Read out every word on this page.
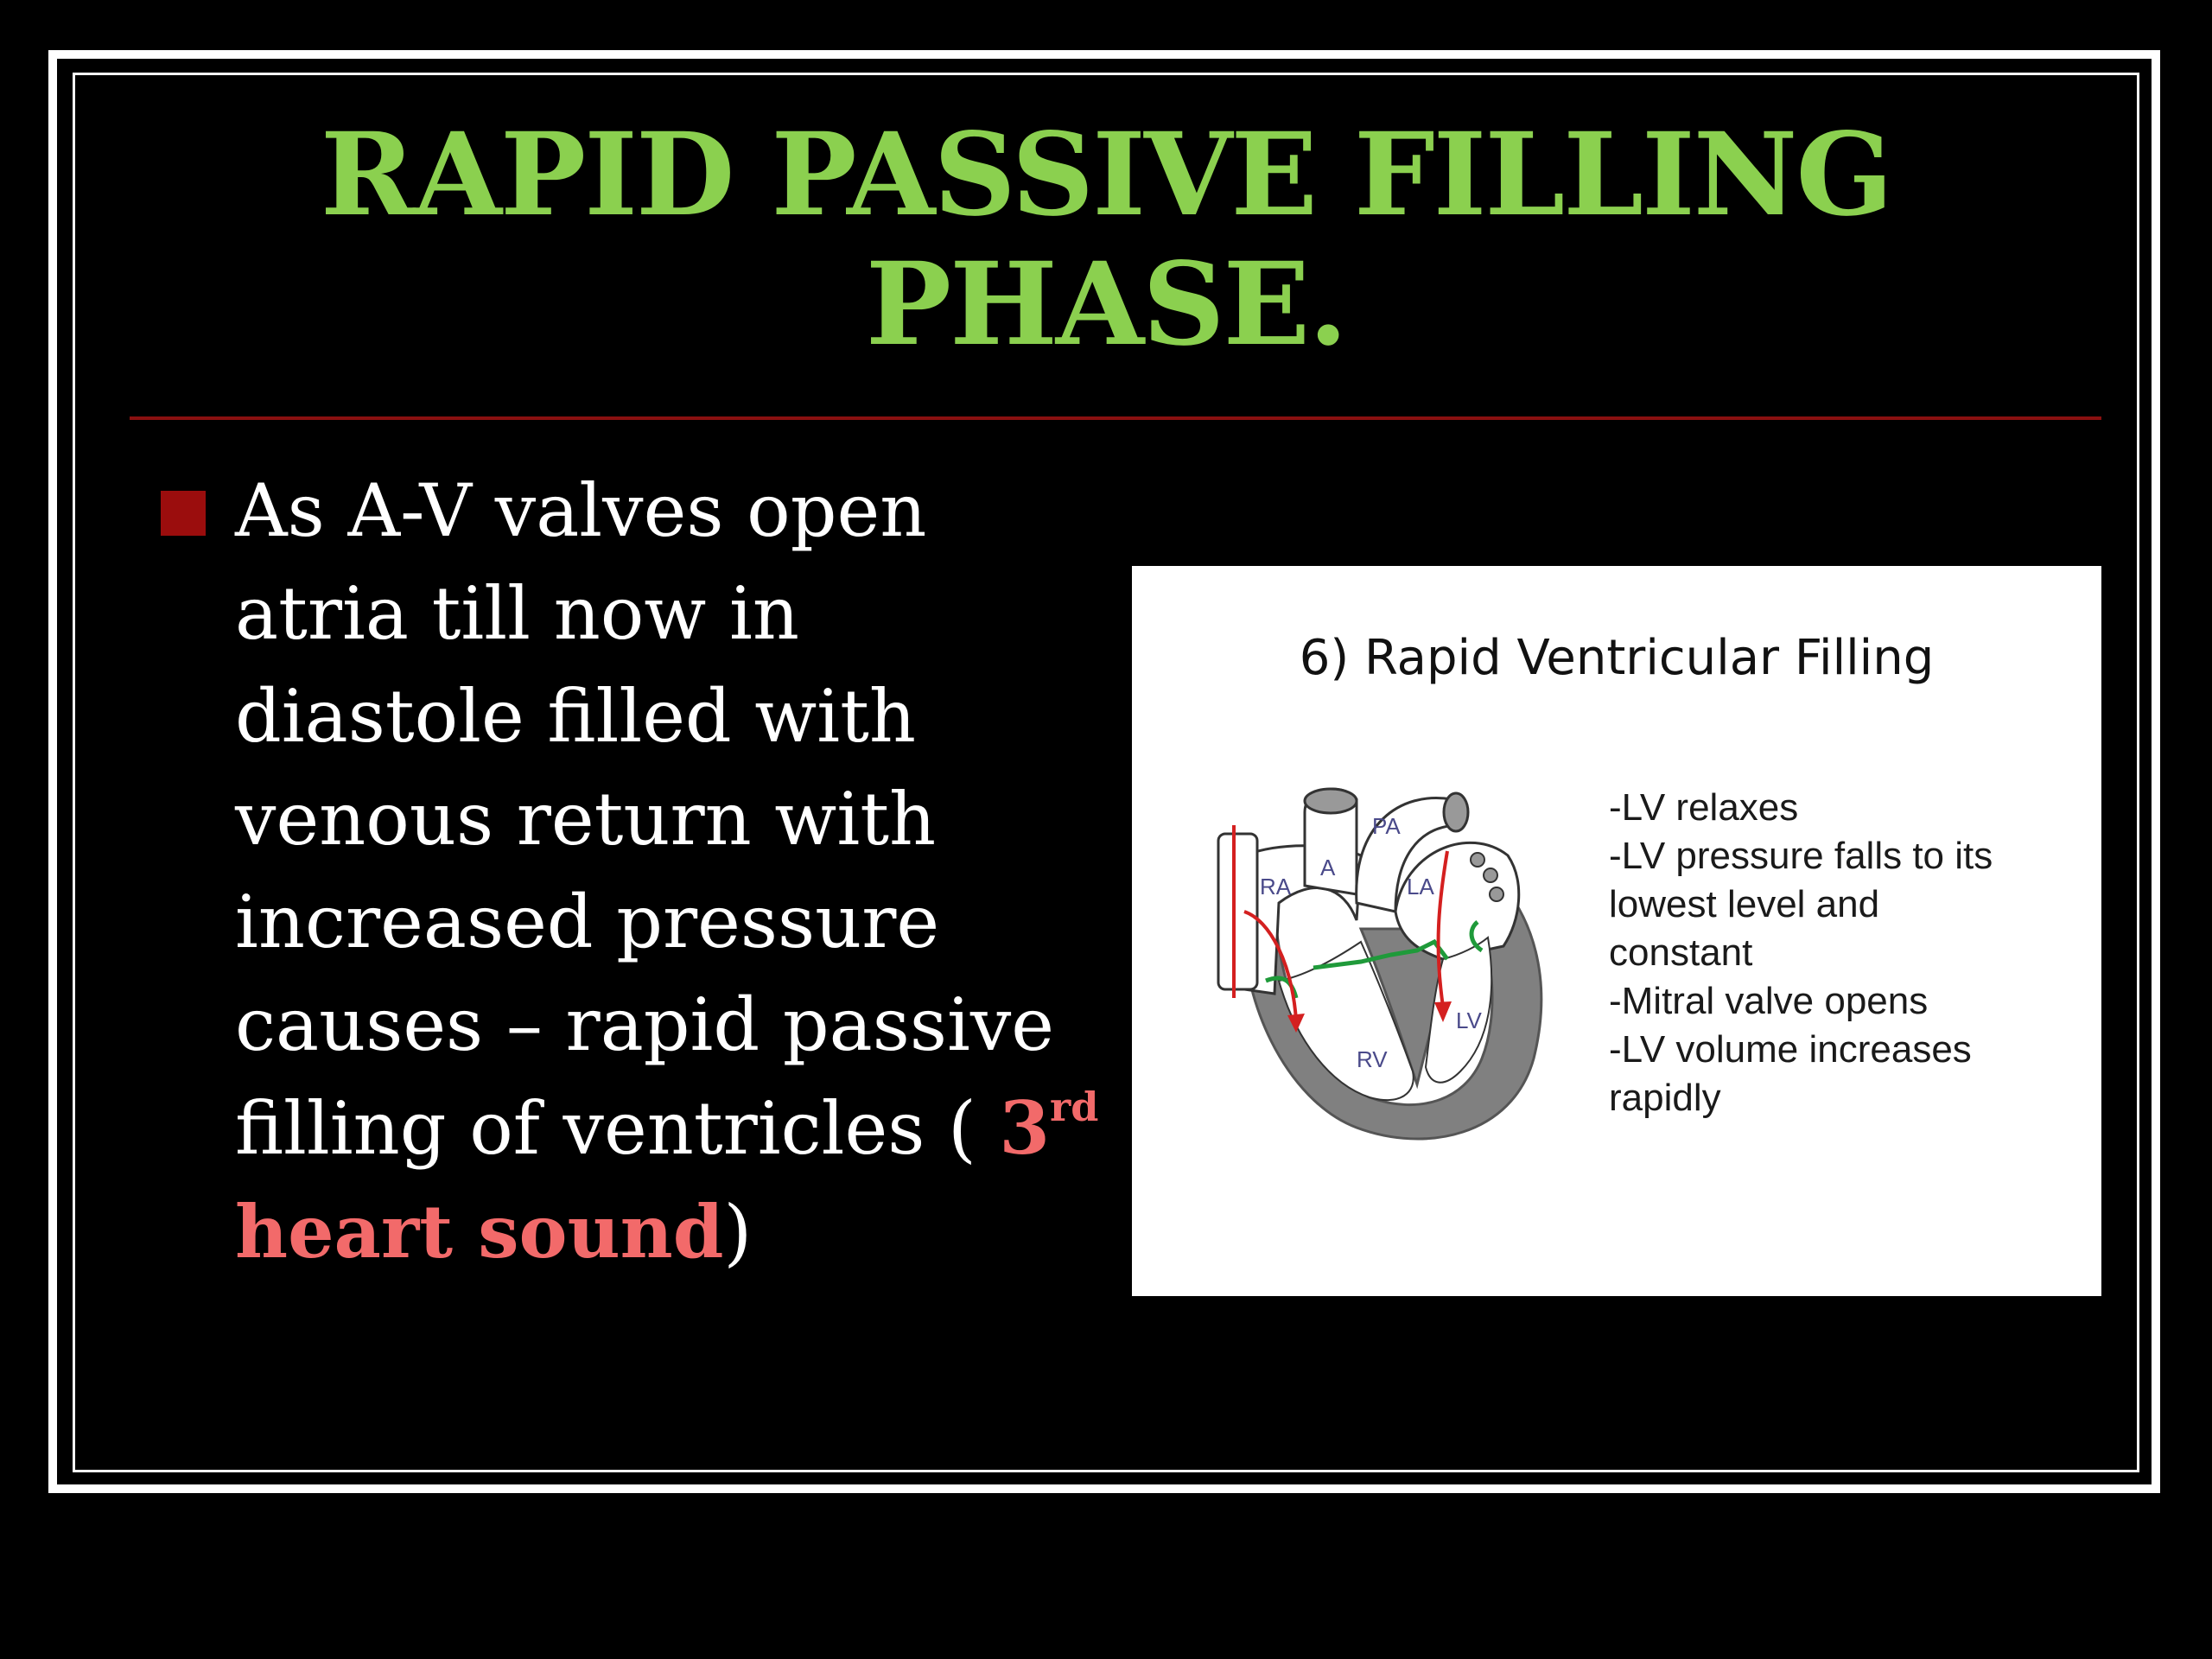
RAPID PASSIVE FILLING
PHASE.
As A-V valves open
atria till now in
diastole filled with
venous return with
increased pressure
causes – rapid passive
filling of ventricles ( 3rd
heart sound)
6) Rapid Ventricular Filling
A
PA
RA	LA
LV
RV
-LV relaxes
-LV pressure falls to its
lowest level and
constant
-Mitral valve opens
-LV volume increases
rapidly
